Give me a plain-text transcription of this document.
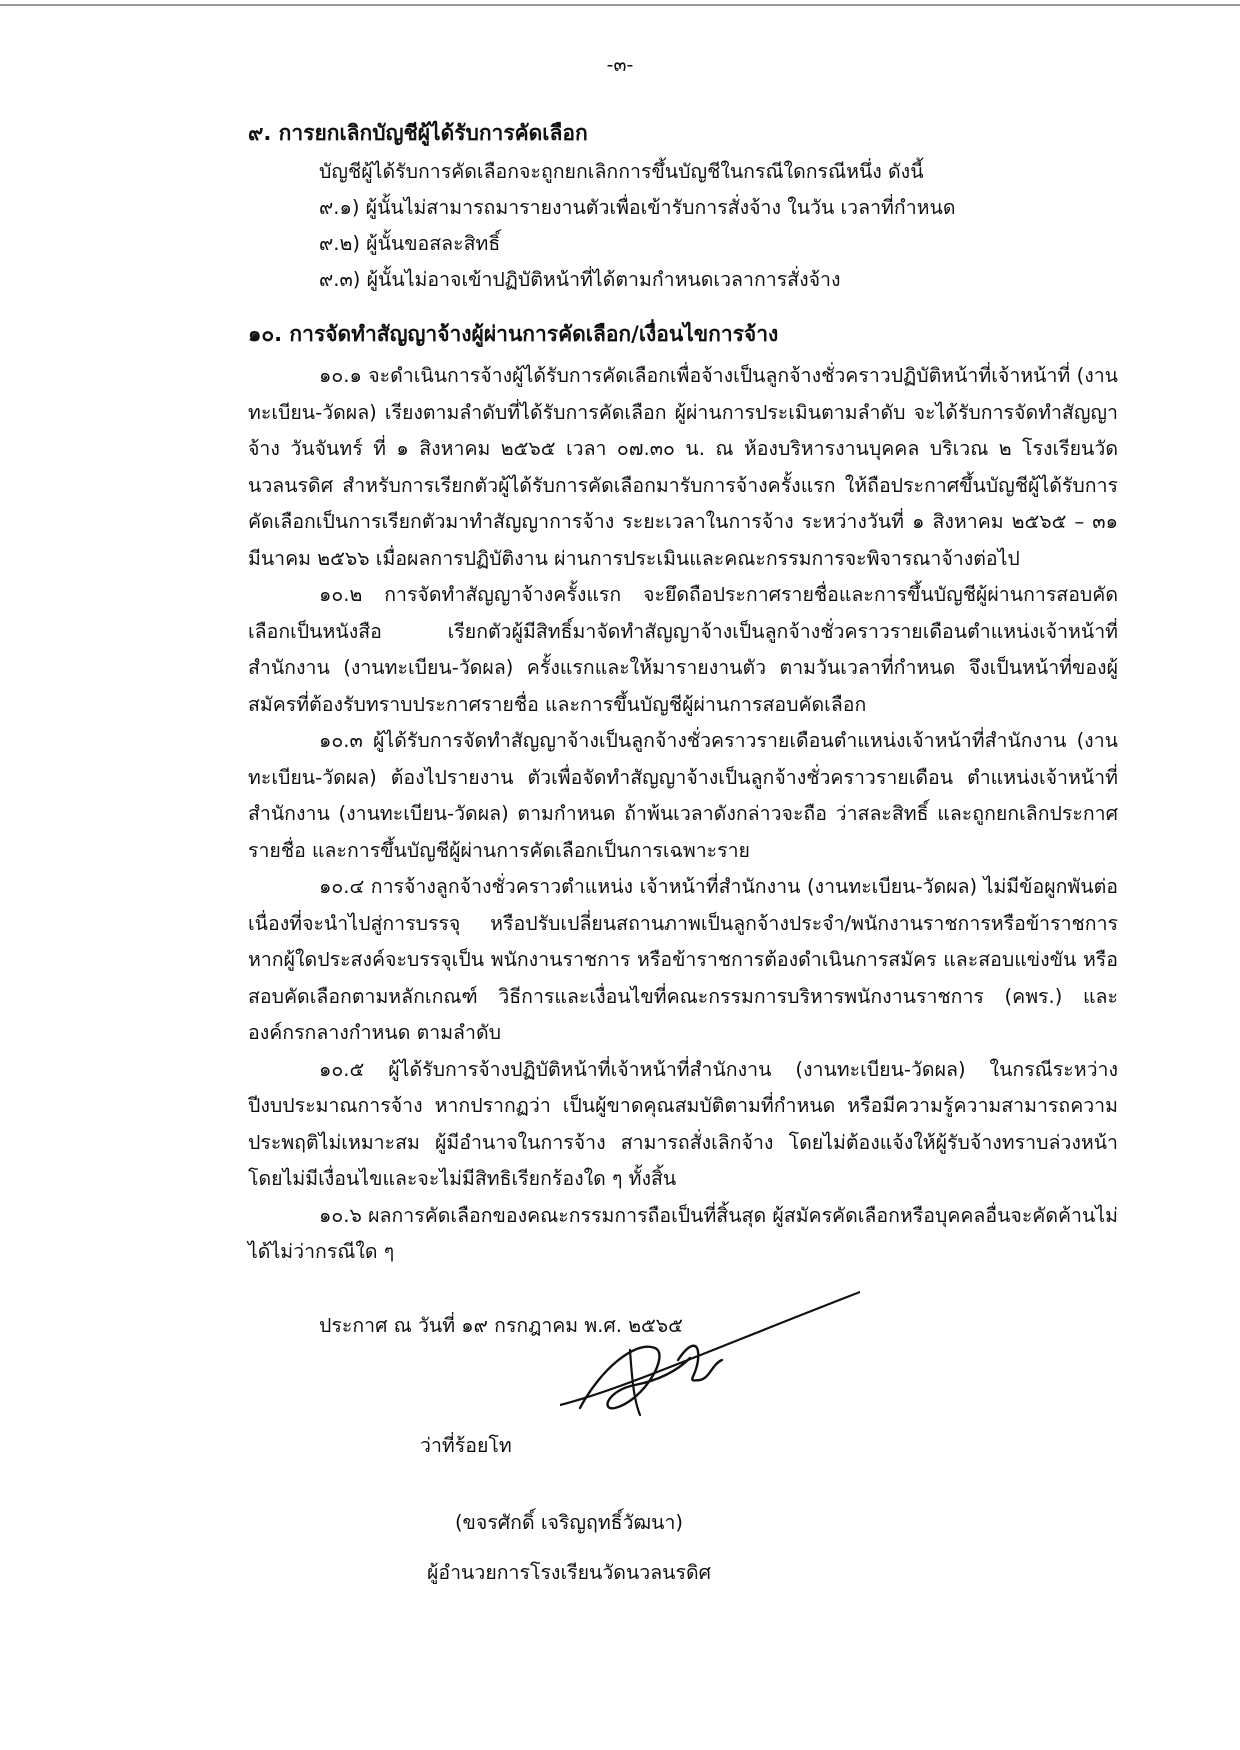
-๓-
๙. การยกเลิกบัญชีผู้ได้รับการคัดเลือก
บัญชีผู้ได้รับการคัดเลือกจะถูกยกเลิกการขึ้นบัญชีในกรณีใดกรณีหนึ่ง ดังนี้
๙.๑) ผู้นั้นไม่สามารถมารายงานตัวเพื่อเข้ารับการสั่งจ้าง ในวัน เวลาที่กำหนด
๙.๒) ผู้นั้นขอสละสิทธิ์
๙.๓) ผู้นั้นไม่อาจเข้าปฏิบัติหน้าที่ได้ตามกำหนดเวลาการสั่งจ้าง
๑๐. การจัดทำสัญญาจ้างผู้ผ่านการคัดเลือก/เงื่อนไขการจ้าง

๑๐.๑ จะดำเนินการจ้างผู้ได้รับการคัดเลือกเพื่อจ้างเป็นลูกจ้างชั่วคราวปฏิบัติหน้าที่เจ้าหน้าที่ (งานทะเบียน-วัดผล) เรียงตามลำดับที่ได้รับการคัดเลือก ผู้ผ่านการประเมินตามลำดับ จะได้รับการจัดทำสัญญาจ้าง วันจันทร์ ที่ ๑ สิงหาคม ๒๕๖๕ เวลา ๐๗.๓๐ น. ณ ห้องบริหารงานบุคคล บริเวณ ๒ โรงเรียนวัดนวลนรดิศ สำหรับการเรียกตัวผู้ได้รับการคัดเลือกมารับการจ้างครั้งแรก ให้ถือประกาศขึ้นบัญชีผู้ได้รับการคัดเลือกเป็นการเรียกตัวมาทำสัญญาการจ้าง ระยะเวลาในการจ้าง ระหว่างวันที่ ๑ สิงหาคม ๒๕๖๕ – ๓๑ มีนาคม ๒๕๖๖ เมื่อผลการปฏิบัติงาน ผ่านการประเมินและคณะกรรมการจะพิจารณาจ้างต่อไป

๑๐.๒ การจัดทำสัญญาจ้างครั้งแรก จะยึดถือประกาศรายชื่อและการขึ้นบัญชีผู้ผ่านการสอบคัดเลือกเป็นหนังสือ เรียกตัวผู้มีสิทธิ์มาจัดทำสัญญาจ้างเป็นลูกจ้างชั่วคราวรายเดือนตำแหน่งเจ้าหน้าที่สำนักงาน (งานทะเบียน-วัดผล) ครั้งแรกและให้มารายงานตัว ตามวันเวลาที่กำหนด จึงเป็นหน้าที่ของผู้สมัครที่ต้องรับทราบประกาศรายชื่อ และการขึ้นบัญชีผู้ผ่านการสอบคัดเลือก

๑๐.๓ ผู้ได้รับการจัดทำสัญญาจ้างเป็นลูกจ้างชั่วคราวรายเดือนตำแหน่งเจ้าหน้าที่สำนักงาน (งานทะเบียน-วัดผล) ต้องไปรายงาน ตัวเพื่อจัดทำสัญญาจ้างเป็นลูกจ้างชั่วคราวรายเดือน ตำแหน่งเจ้าหน้าที่สำนักงาน (งานทะเบียน-วัดผล) ตามกำหนด ถ้าพ้นเวลาดังกล่าวจะถือ ว่าสละสิทธิ์ และถูกยกเลิกประกาศรายชื่อ และการขึ้นบัญชีผู้ผ่านการคัดเลือกเป็นการเฉพาะราย

๑๐.๔ การจ้างลูกจ้างชั่วคราวตำแหน่ง เจ้าหน้าที่สำนักงาน (งานทะเบียน-วัดผล) ไม่มีข้อผูกพันต่อเนื่องที่จะนำไปสู่การบรรจุ หรือปรับเปลี่ยนสถานภาพเป็นลูกจ้างประจำ/พนักงานราชการหรือข้าราชการ หากผู้ใดประสงค์จะบรรจุเป็น พนักงานราชการ หรือข้าราชการต้องดำเนินการสมัคร และสอบแข่งขัน หรือสอบคัดเลือกตามหลักเกณฑ์ วิธีการและเงื่อนไขที่คณะกรรมการบริหารพนักงานราชการ (คพร.) และองค์กรกลางกำหนด ตามลำดับ

๑๐.๕ ผู้ได้รับการจ้างปฏิบัติหน้าที่เจ้าหน้าที่สำนักงาน (งานทะเบียน-วัดผล) ในกรณีระหว่างปีงบประมาณการจ้าง หากปรากฏว่า เป็นผู้ขาดคุณสมบัติตามที่กำหนด หรือมีความรู้ความสามารถความประพฤติไม่เหมาะสม ผู้มีอำนาจในการจ้าง สามารถสั่งเลิกจ้าง โดยไม่ต้องแจ้งให้ผู้รับจ้างทราบล่วงหน้า โดยไม่มีเงื่อนไขและจะไม่มีสิทธิเรียกร้องใด ๆ ทั้งสิ้น

๑๐.๖ ผลการคัดเลือกของคณะกรรมการถือเป็นที่สิ้นสุด ผู้สมัครคัดเลือกหรือบุคคลอื่นจะคัดค้านไม่ได้ไม่ว่ากรณีใด ๆ

ประกาศ ณ วันที่ ๑๙ กรกฎาคม พ.ศ. ๒๕๖๕
ว่าที่ร้อยโท
(ขจรศักดิ์ เจริญฤทธิ์วัฒนา)
ผู้อำนวยการโรงเรียนวัดนวลนรดิศ
